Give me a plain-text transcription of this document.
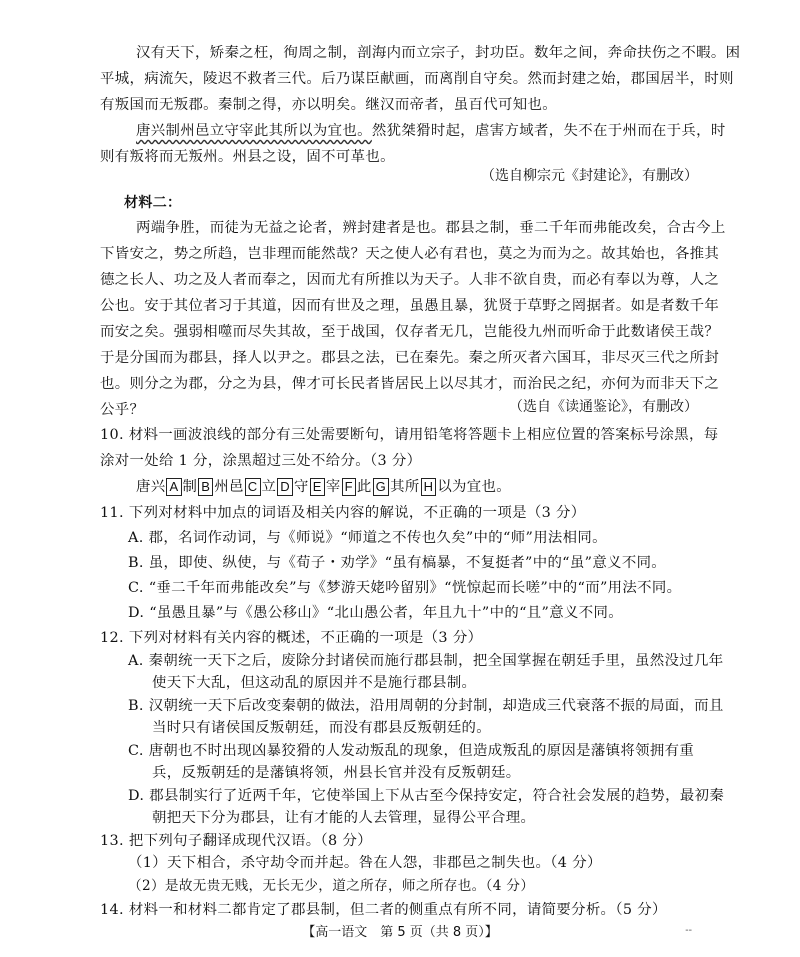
汉有天下，矫秦之枉，徇周之制，剖海内而立宗子，封功臣。数年之间，奔命扶伤之不暇。困
平城，病流矢，陵迟不救者三代。后乃谋臣献画，而离削自守矣。然而封建之始，郡国居半，时则
有叛国而无叛郡。秦制之得，亦以明矣。继汉而帝者，虽百代可知也。
唐兴制州邑立守宰此其所以为宜也。然犹桀猾时起，虐害方域者，失不在于州而在于兵，时
则有叛将而无叛州。州县之设，固不可革也。
（选自柳宗元《封建论》，有删改）
材料二：
两端争胜，而徒为无益之论者，辨封建者是也。郡县之制，垂二千年而弗能改矣，合古今上
下皆安之，势之所趋，岂非理而能然哉？天之使人必有君也，莫之为而为之。故其始也，各推其
德之长人、功之及人者而奉之，因而尤有所推以为天子。人非不欲自贵，而必有奉以为尊，人之
公也。安于其位者习于其道，因而有世及之理，虽愚且暴，犹贤于草野之罔据者。如是者数千年
而安之矣。强弱相噬而尽失其故，至于战国，仅存者无几，岂能役九州而听命于此数诸侯王哉？
于是分国而为郡县，择人以尹之。郡县之法，已在秦先。秦之所灭者六国耳，非尽灭三代之所封
也。则分之为郡，分之为县，俾才可长民者皆居民上以尽其才，而治民之纪，亦何为而非天下之
公乎？	（选自《读通鉴论》，有删改）
10. 材料一画波浪线的部分有三处需要断句，请用铅笔将答题卡上相应位置的答案标号涂黑，每
涂对一处给 1 分，涂黑超过三处不给分。（3 分）
唐兴 A 制 B 州邑 C 立 D 守 E 宰 F 此 G 其所 H 以为宜也。
11. 下列对材料中加点的词语及相关内容的解说，不正确的一项是（3 分）
A. 郡，名词作动词，与《师说》“师道之不传也久矣”中的“师”用法相同。
B. 虽，即使、纵使，与《荀子・劝学》“虽有槁暴，不复挺者”中的“虽”意义不同。
C. “垂二千年而弗能改矣”与《梦游天姥吟留别》“恍惊起而长嗟”中的“而”用法不同。
D. “虽愚且暴”与《愚公移山》“北山愚公者，年且九十”中的“且”意义不同。
12. 下列对材料有关内容的概述，不正确的一项是（3 分）
A. 秦朝统一天下之后，废除分封诸侯而施行郡县制，把全国掌握在朝廷手里，虽然没过几年
使天下大乱，但这动乱的原因并不是施行郡县制。
B. 汉朝统一天下后改变秦朝的做法，沿用周朝的分封制，却造成三代衰落不振的局面，而且
当时只有诸侯国反叛朝廷，而没有郡县反叛朝廷的。
C. 唐朝也不时出现凶暴狡猾的人发动叛乱的现象，但造成叛乱的原因是藩镇将领拥有重
兵，反叛朝廷的是藩镇将领，州县长官并没有反叛朝廷。
D. 郡县制实行了近两千年，它使举国上下从古至今保持安定，符合社会发展的趋势，最初秦
朝把天下分为郡县，让有才能的人去管理，显得公平合理。
13. 把下列句子翻译成现代汉语。（8 分）
（1）天下相合，杀守劫令而并起。咎在人怨，非郡邑之制失也。（4 分）
【高一语文　第 5 页（共 8 页）】	--
（2）是故无贵无贱，无长无少，道之所存，师之所存也。（4 分）
14. 材料一和材料二都肯定了郡县制，但二者的侧重点有所不同，请简要分析。（5 分）
